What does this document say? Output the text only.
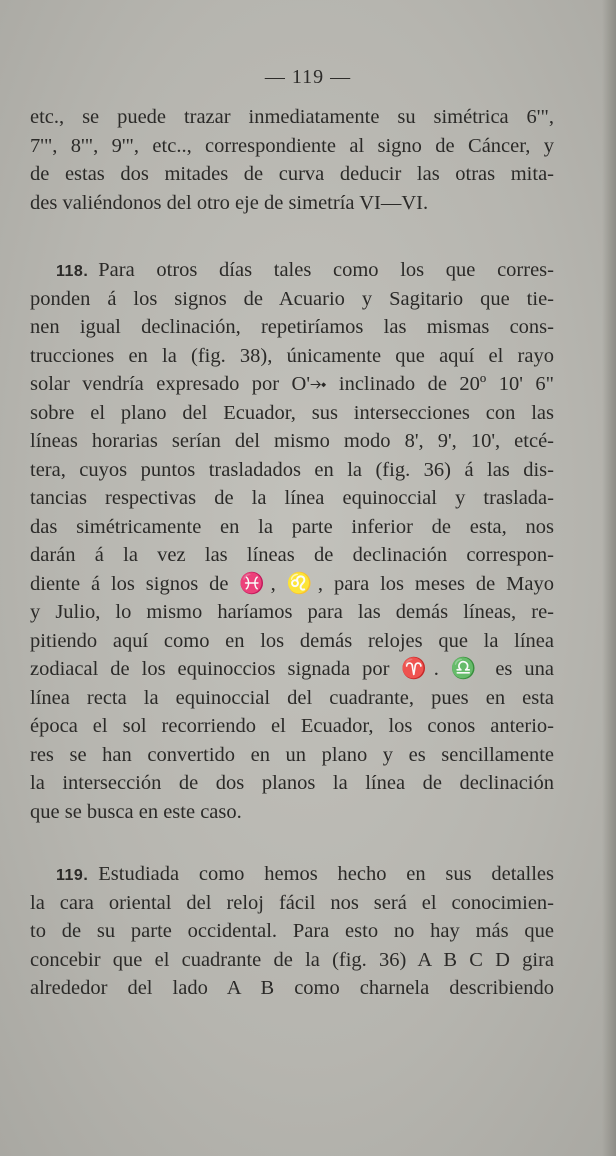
— 119 —
etc., se puede trazar inmediatamente su simétrica 6'",
7'", 8'", 9'", etc.., correspondiente al signo de Cáncer, y
de estas dos mitades de curva deducir las otras mita-
des valiéndonos del otro eje de simetría VI—VI.
118. Para otros días tales como los que corres-
ponden á los signos de Acuario y Sagitario que tie-
nen igual declinación, repetiríamos las mismas cons-
trucciones en la (fig. 38), únicamente que aquí el rayo
solar vendría expresado por O'⤞ inclinado de 20º 10' 6"
sobre el plano del Ecuador, sus intersecciones con las
líneas horarias serían del mismo modo 8', 9', 10', etcé-
tera, cuyos puntos trasladados en la (fig. 36) á las dis-
tancias respectivas de la línea equinoccial y traslada-
das simétricamente en la parte inferior de esta, nos
darán á la vez las líneas de declinación correspon-
diente á los signos de ♓, ♌, para los meses de Mayo
y Julio, lo mismo haríamos para las demás líneas, re-
pitiendo aquí como en los demás relojes que la línea
zodiacal de los equinoccios signada por ♈. ♎ es una
línea recta la equinoccial del cuadrante, pues en esta
época el sol recorriendo el Ecuador, los conos anterio-
res se han convertido en un plano y es sencillamente
la intersección de dos planos la línea de declinación
que se busca en este caso.
119. Estudiada como hemos hecho en sus detalles
la cara oriental del reloj fácil nos será el conocimien-
to de su parte occidental. Para esto no hay más que
concebir que el cuadrante de la (fig. 36) A B C D gira
alrededor del lado A B como charnela describiendo
